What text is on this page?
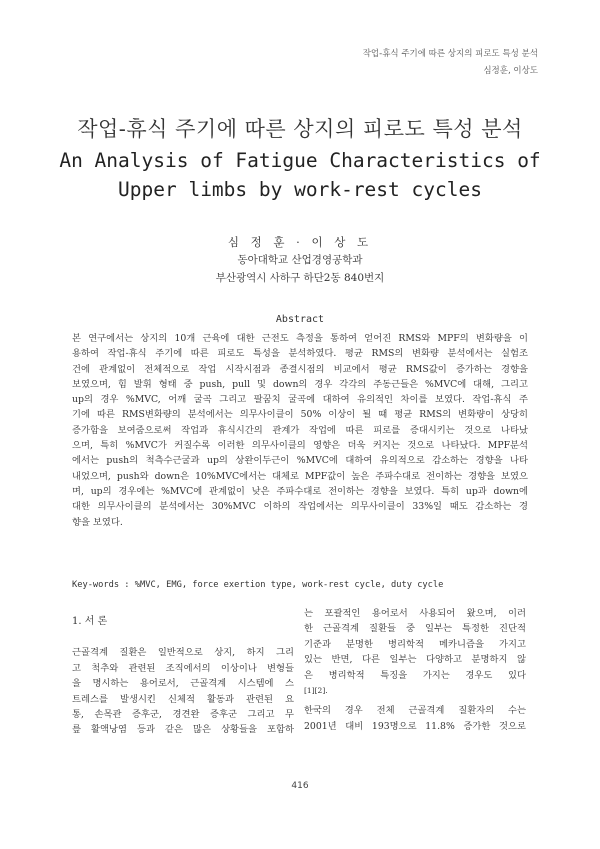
작업-휴식 주기에 따른 상지의 피로도 특성 분석
심정훈, 이상도
작업-휴식 주기에 따른 상지의 피로도 특성 분석
An Analysis of Fatigue Characteristics of
Upper limbs by work-rest cycles
심 정 훈 · 이 상 도
동아대학교 산업경영공학과
부산광역시 사하구 하단2동 840번지
Abstract
본 연구에서는 상지의 10개 근육에 대한 근전도 측정을 통하여 얻어진 RMS와 MPF의 변화량을 이
용하여 작업-휴식 주기에 따른 피로도 특성을 분석하였다. 평균 RMS의 변화량 분석에서는 실험조
건에 관계없이 전체적으로 작업 시작시점과 종결시점의 비교에서 평균 RMS값이 증가하는 경향을
보였으며, 힘 발휘 형태 중 push, pull 및 down의 경우 각각의 주동근들은 %MVC에 대해, 그리고
up의 경우 %MVC, 어깨 굴곡 그리고 팔꿈치 굴곡에 대하여 유의적인 차이를 보였다. 작업-휴식 주
기에 따른 RMS변화량의 분석에서는 의무사이클이 50% 이상이 될 때 평균 RMS의 변화량이 상당히
증가함을 보여줌으로써 작업과 휴식시간의 관계가 작업에 따른 피로를 증대시키는 것으로 나타났
으며, 특히 %MVC가 커질수록 이러한 의무사이클의 영향은 더욱 커지는 것으로 나타났다. MPF분석
에서는 push의 척측수근굴과 up의 상완이두근이 %MVC에 대하여 유의적으로 감소하는 경향을 나타
내었으며, push와 down은 10%MVC에서는 대체로 MPF값이 높은 주파수대로 전이하는 경향을 보였으
며, up의 경우에는 %MVC에 관계없이 낮은 주파수대로 전이하는 경향을 보였다. 특히 up과 down에
대한 의무사이클의 분석에서는 30%MVC 이하의 작업에서는 의무사이클이 33%일 때도 감소하는 경
향을 보였다.
Key-words : %MVC, EMG, force exertion type, work-rest cycle, duty cycle
1. 서 론
근골격계 질환은 일반적으로 상지, 하지 그리
고 척추와 관련된 조직에서의 이상이나 변형들
을 명시하는 용어로서, 근골격계 시스템에 스
트레스를 발생시킨 신체적 활동과 관련된 요
통, 손목관 증후군, 경견완 증후군 그리고 무
릎 활액낭염 등과 같은 많은 상황들을 포함하
는 포괄적인 용어로서 사용되어 왔으며, 이러
한 근골격계 질환들 중 일부는 특정한 진단적
기준과 분명한 병리학적 메카니즘을 가지고
있는 반면, 다른 일부는 다양하고 분명하지 않
은 병리학적 특징을 가지는 경우도 있다
[1][2].
한국의 경우 전체 근골격계 질환자의 수는
2001년 대비 193명으로 11.8% 증가한 것으로
416
